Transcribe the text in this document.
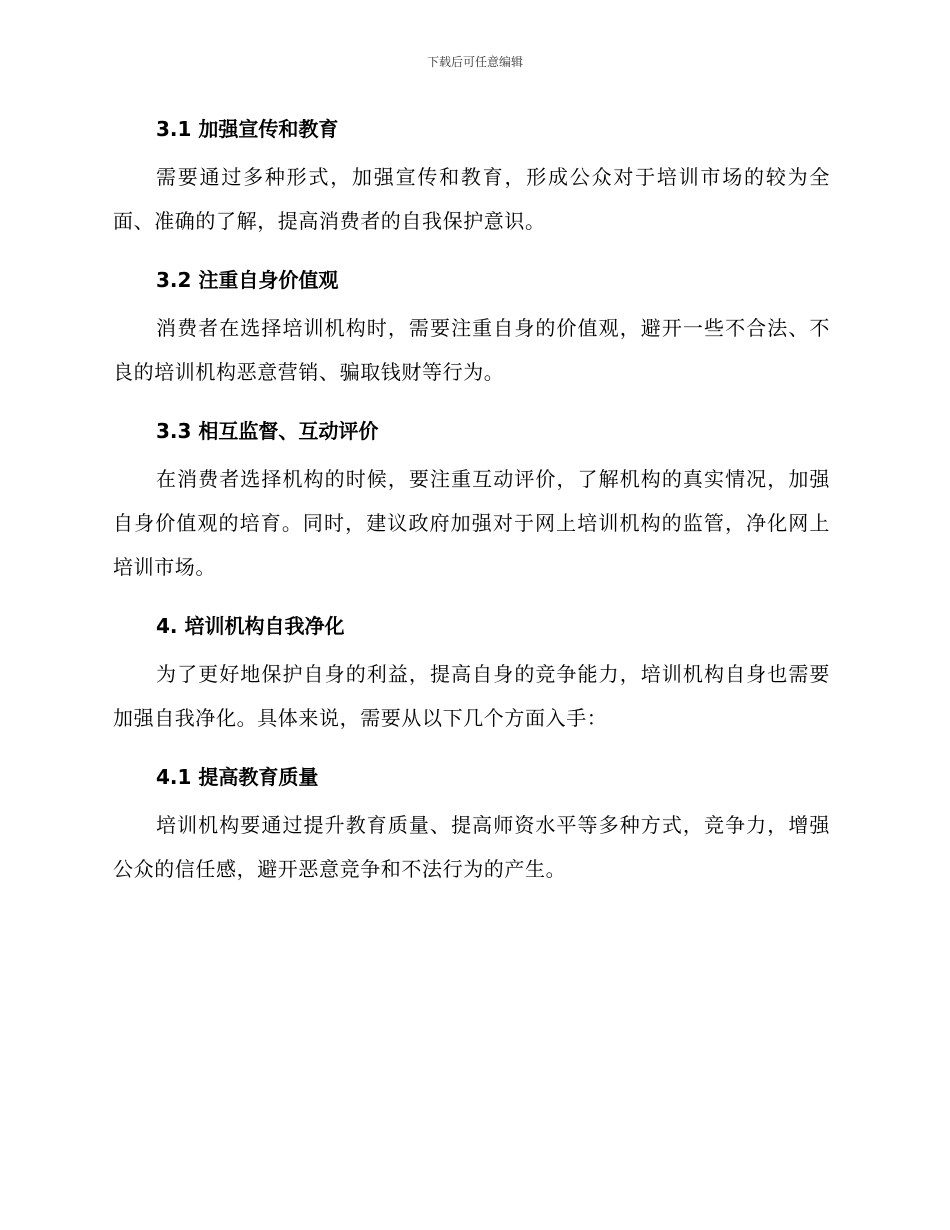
下载后可任意编辑
3.1 加强宣传和教育

需要通过多种形式，加强宣传和教育，形成公众对于培训市场的较为全面、准确的了解，提高消费者的自我保护意识。

3.2 注重自身价值观

消费者在选择培训机构时，需要注重自身的价值观，避开一些不合法、不良的培训机构恶意营销、骗取钱财等行为。

3.3 相互监督、互动评价

在消费者选择机构的时候，要注重互动评价，了解机构的真实情况，加强自身价值观的培育。同时，建议政府加强对于网上培训机构的监管，净化网上培训市场。

4. 培训机构自我净化

为了更好地保护自身的利益，提高自身的竞争能力，培训机构自身也需要加强自我净化。具体来说，需要从以下几个方面入手：

4.1 提高教育质量

培训机构要通过提升教育质量、提高师资水平等多种方式，竞争力，增强公众的信任感，避开恶意竞争和不法行为的产生。
